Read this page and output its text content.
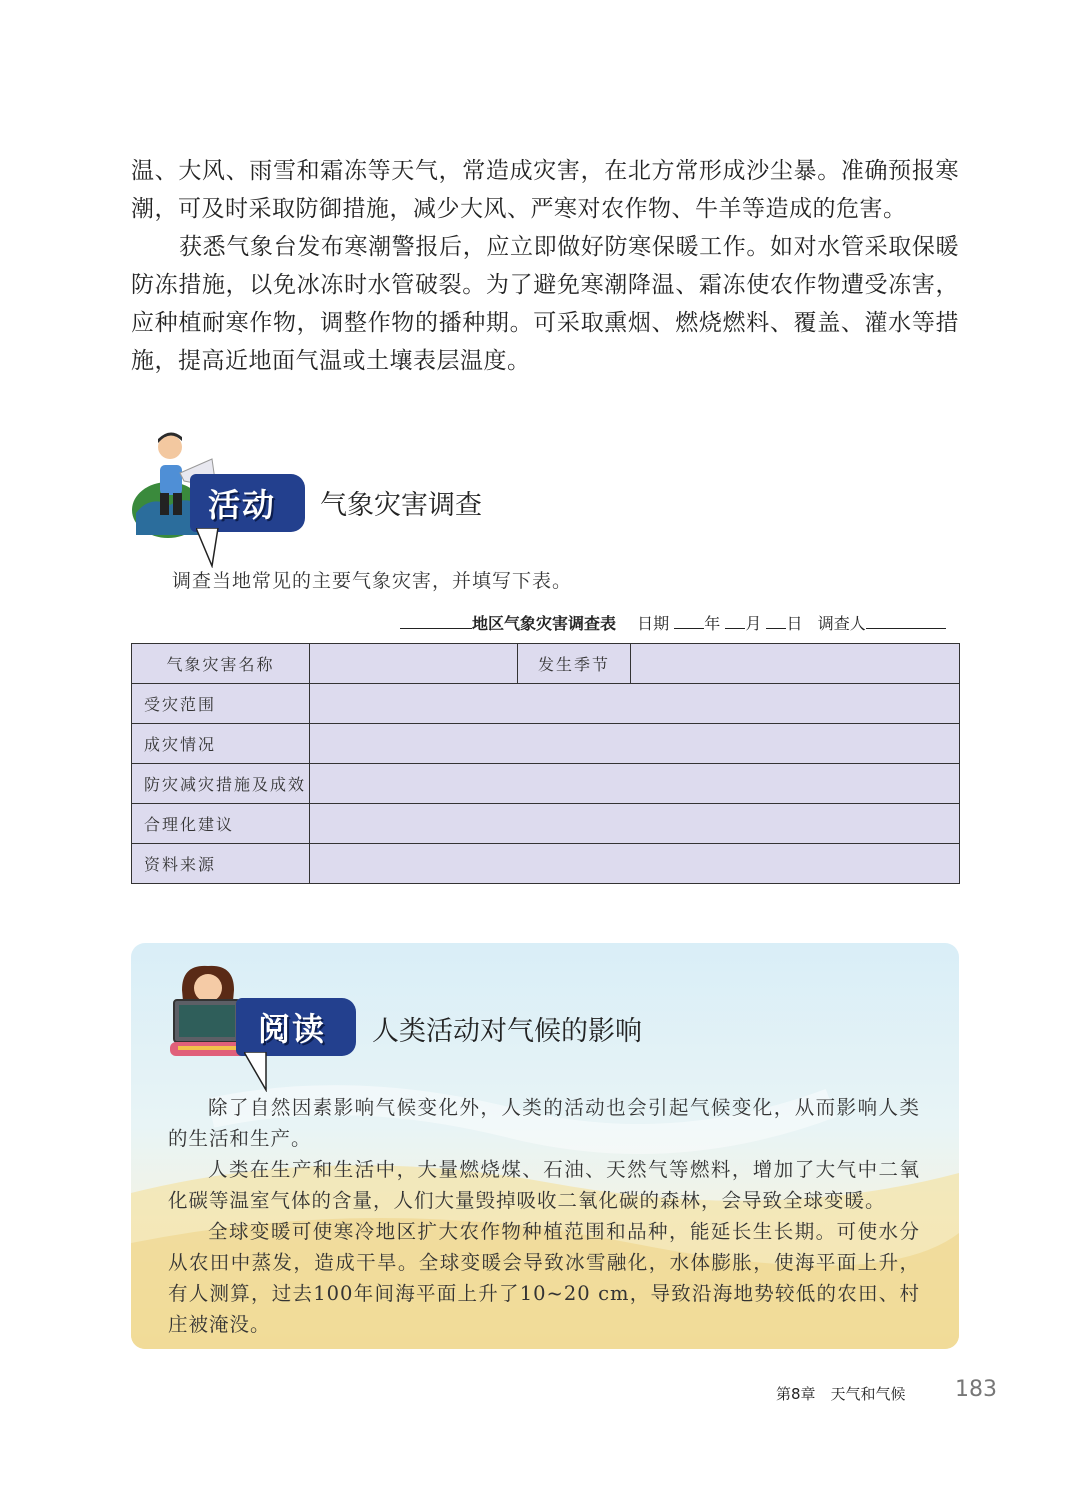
温、大风、雨雪和霜冻等天气，常造成灾害，在北方常形成沙尘暴。准确预报寒潮，可及时采取防御措施，减少大风、严寒对农作物、牛羊等造成的危害。

获悉气象台发布寒潮警报后，应立即做好防寒保暖工作。如对水管采取保暖防冻措施，以免冰冻时水管破裂。为了避免寒潮降温、霜冻使农作物遭受冻害，应种植耐寒作物，调整作物的播种期。可采取熏烟、燃烧燃料、覆盖、灌水等措施，提高近地面气温或土壤表层温度。

活动 气象灾害调查
调查当地常见的主要气象灾害，并填写下表。
地区气象灾害调查表 日期 年 月 日 调查人
气象灾害名称		发生季节	
受灾范围			
成灾情况			
防灾减灾措施及成效			
合理化建议			
资料来源			
阅读 人类活动对气候的影响

除了自然因素影响气候变化外，人类的活动也会引起气候变化，从而影响人类的生活和生产。

人类在生产和生活中，大量燃烧煤、石油、天然气等燃料，增加了大气中二氧化碳等温室气体的含量，人们大量毁掉吸收二氧化碳的森林，会导致全球变暖。

全球变暖可使寒冷地区扩大农作物种植范围和品种，能延长生长期。可使水分从农田中蒸发，造成干旱。全球变暖会导致冰雪融化，水体膨胀，使海平面上升，有人测算，过去100年间海平面上升了10~20 cm，导致沿海地势较低的农田、村庄被淹没。

第8章　天气和气候 183
